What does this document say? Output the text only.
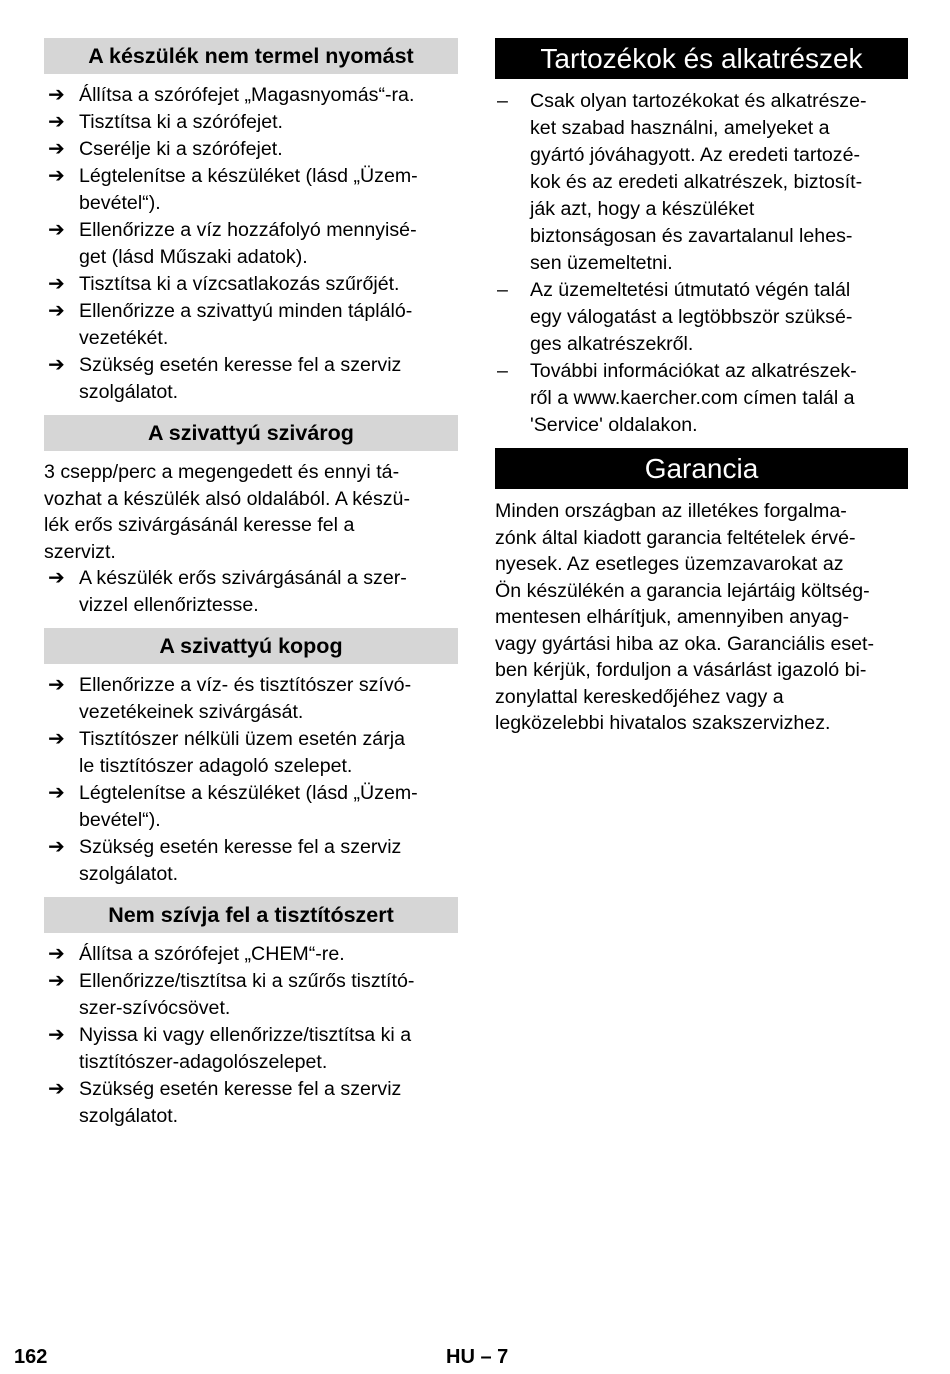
A készülék nem termel nyomást
➔ Állítsa a szórófejet „Magasnyomás“-ra.
➔ Tisztítsa ki a szórófejet.
➔ Cserélje ki a szórófejet.
➔ Légtelenítse a készüléket (lásd „Üzem-
bevétel“).
➔ Ellenőrizze a víz hozzáfolyó mennyisé-
get (lásd Műszaki adatok).
➔ Tisztítsa ki a vízcsatlakozás szűrőjét.
➔ Ellenőrizze a szivattyú minden tápláló-
vezetékét.
➔ Szükség esetén keresse fel a szerviz
szolgálatot.
A szivattyú szivárog

3 csepp/perc a megengedett és ennyi tá-
vozhat a készülék alsó oldalából. A készü-
lék erős szivárgásánál keresse fel a
szervizt.

➔ A készülék erős szivárgásánál a szer-
vizzel ellenőriztesse.
A szivattyú kopog
➔ Ellenőrizze a víz- és tisztítószer szívó-
vezetékeinek szivárgását.
➔ Tisztítószer nélküli üzem esetén zárja
le tisztítószer adagoló szelepet.
➔ Légtelenítse a készüléket (lásd „Üzem-
bevétel“).
➔ Szükség esetén keresse fel a szerviz
szolgálatot.
Nem szívja fel a tisztítószert
➔ Állítsa a szórófejet „CHEM“-re.
➔ Ellenőrizze/tisztítsa ki a szűrős tisztító-
szer-szívócsövet.
➔ Nyissa ki vagy ellenőrizze/tisztítsa ki a
tisztítószer-adagolószelepet.
➔ Szükség esetén keresse fel a szerviz
szolgálatot.
Tartozékok és alkatrészek
– Csak olyan tartozékokat és alkatrésze-
ket szabad használni, amelyeket a
gyártó jóváhagyott. Az eredeti tartozé-
kok és az eredeti alkatrészek, biztosít-
ják azt, hogy a készüléket
biztonságosan és zavartalanul lehes-
sen üzemeltetni.
– Az üzemeltetési útmutató végén talál
egy válogatást a legtöbbször szüksé-
ges alkatrészekről.
– További információkat az alkatrészek-
ről a www.kaercher.com címen talál a
'Service' oldalakon.
Garancia

Minden országban az illetékes forgalma-
zónk által kiadott garancia feltételek érvé-
nyesek. Az esetleges üzemzavarokat az
Ön készülékén a garancia lejártáig költség-
mentesen elhárítjuk, amennyiben anyag-
vagy gyártási hiba az oka. Garanciális eset-
ben kérjük, forduljon a vásárlást igazoló bi-
zonylattal kereskedőjéhez vagy a
legközelebbi hivatalos szakszervizhez.

162	HU – 7
